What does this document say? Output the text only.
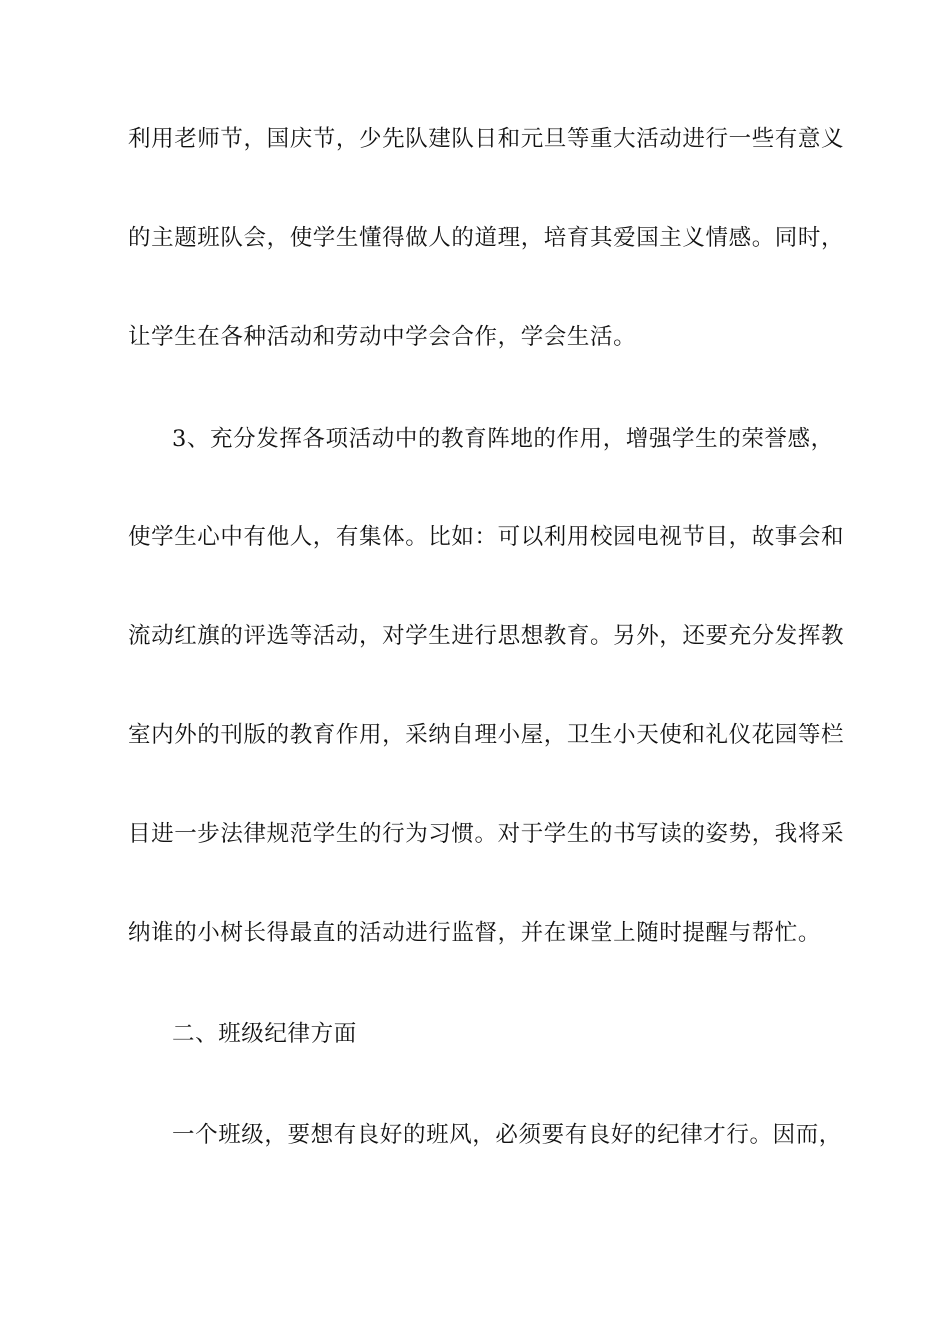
利用老师节，国庆节，少先队建队日和元旦等重大活动进行一些有意义
的主题班队会，使学生懂得做人的道理，培育其爱国主义情感。同时，
让学生在各种活动和劳动中学会合作，学会生活。
3、充分发挥各项活动中的教育阵地的作用，增强学生的荣誉感，
使学生心中有他人，有集体。比如：可以利用校园电视节目，故事会和
流动红旗的评选等活动，对学生进行思想教育。另外，还要充分发挥教
室内外的刊版的教育作用，采纳自理小屋，卫生小天使和礼仪花园等栏
目进一步法律规范学生的行为习惯。对于学生的书写读的姿势，我将采
纳谁的小树长得最直的活动进行监督，并在课堂上随时提醒与帮忙。
二、班级纪律方面
一个班级，要想有良好的班风，必须要有良好的纪律才行。因而，
